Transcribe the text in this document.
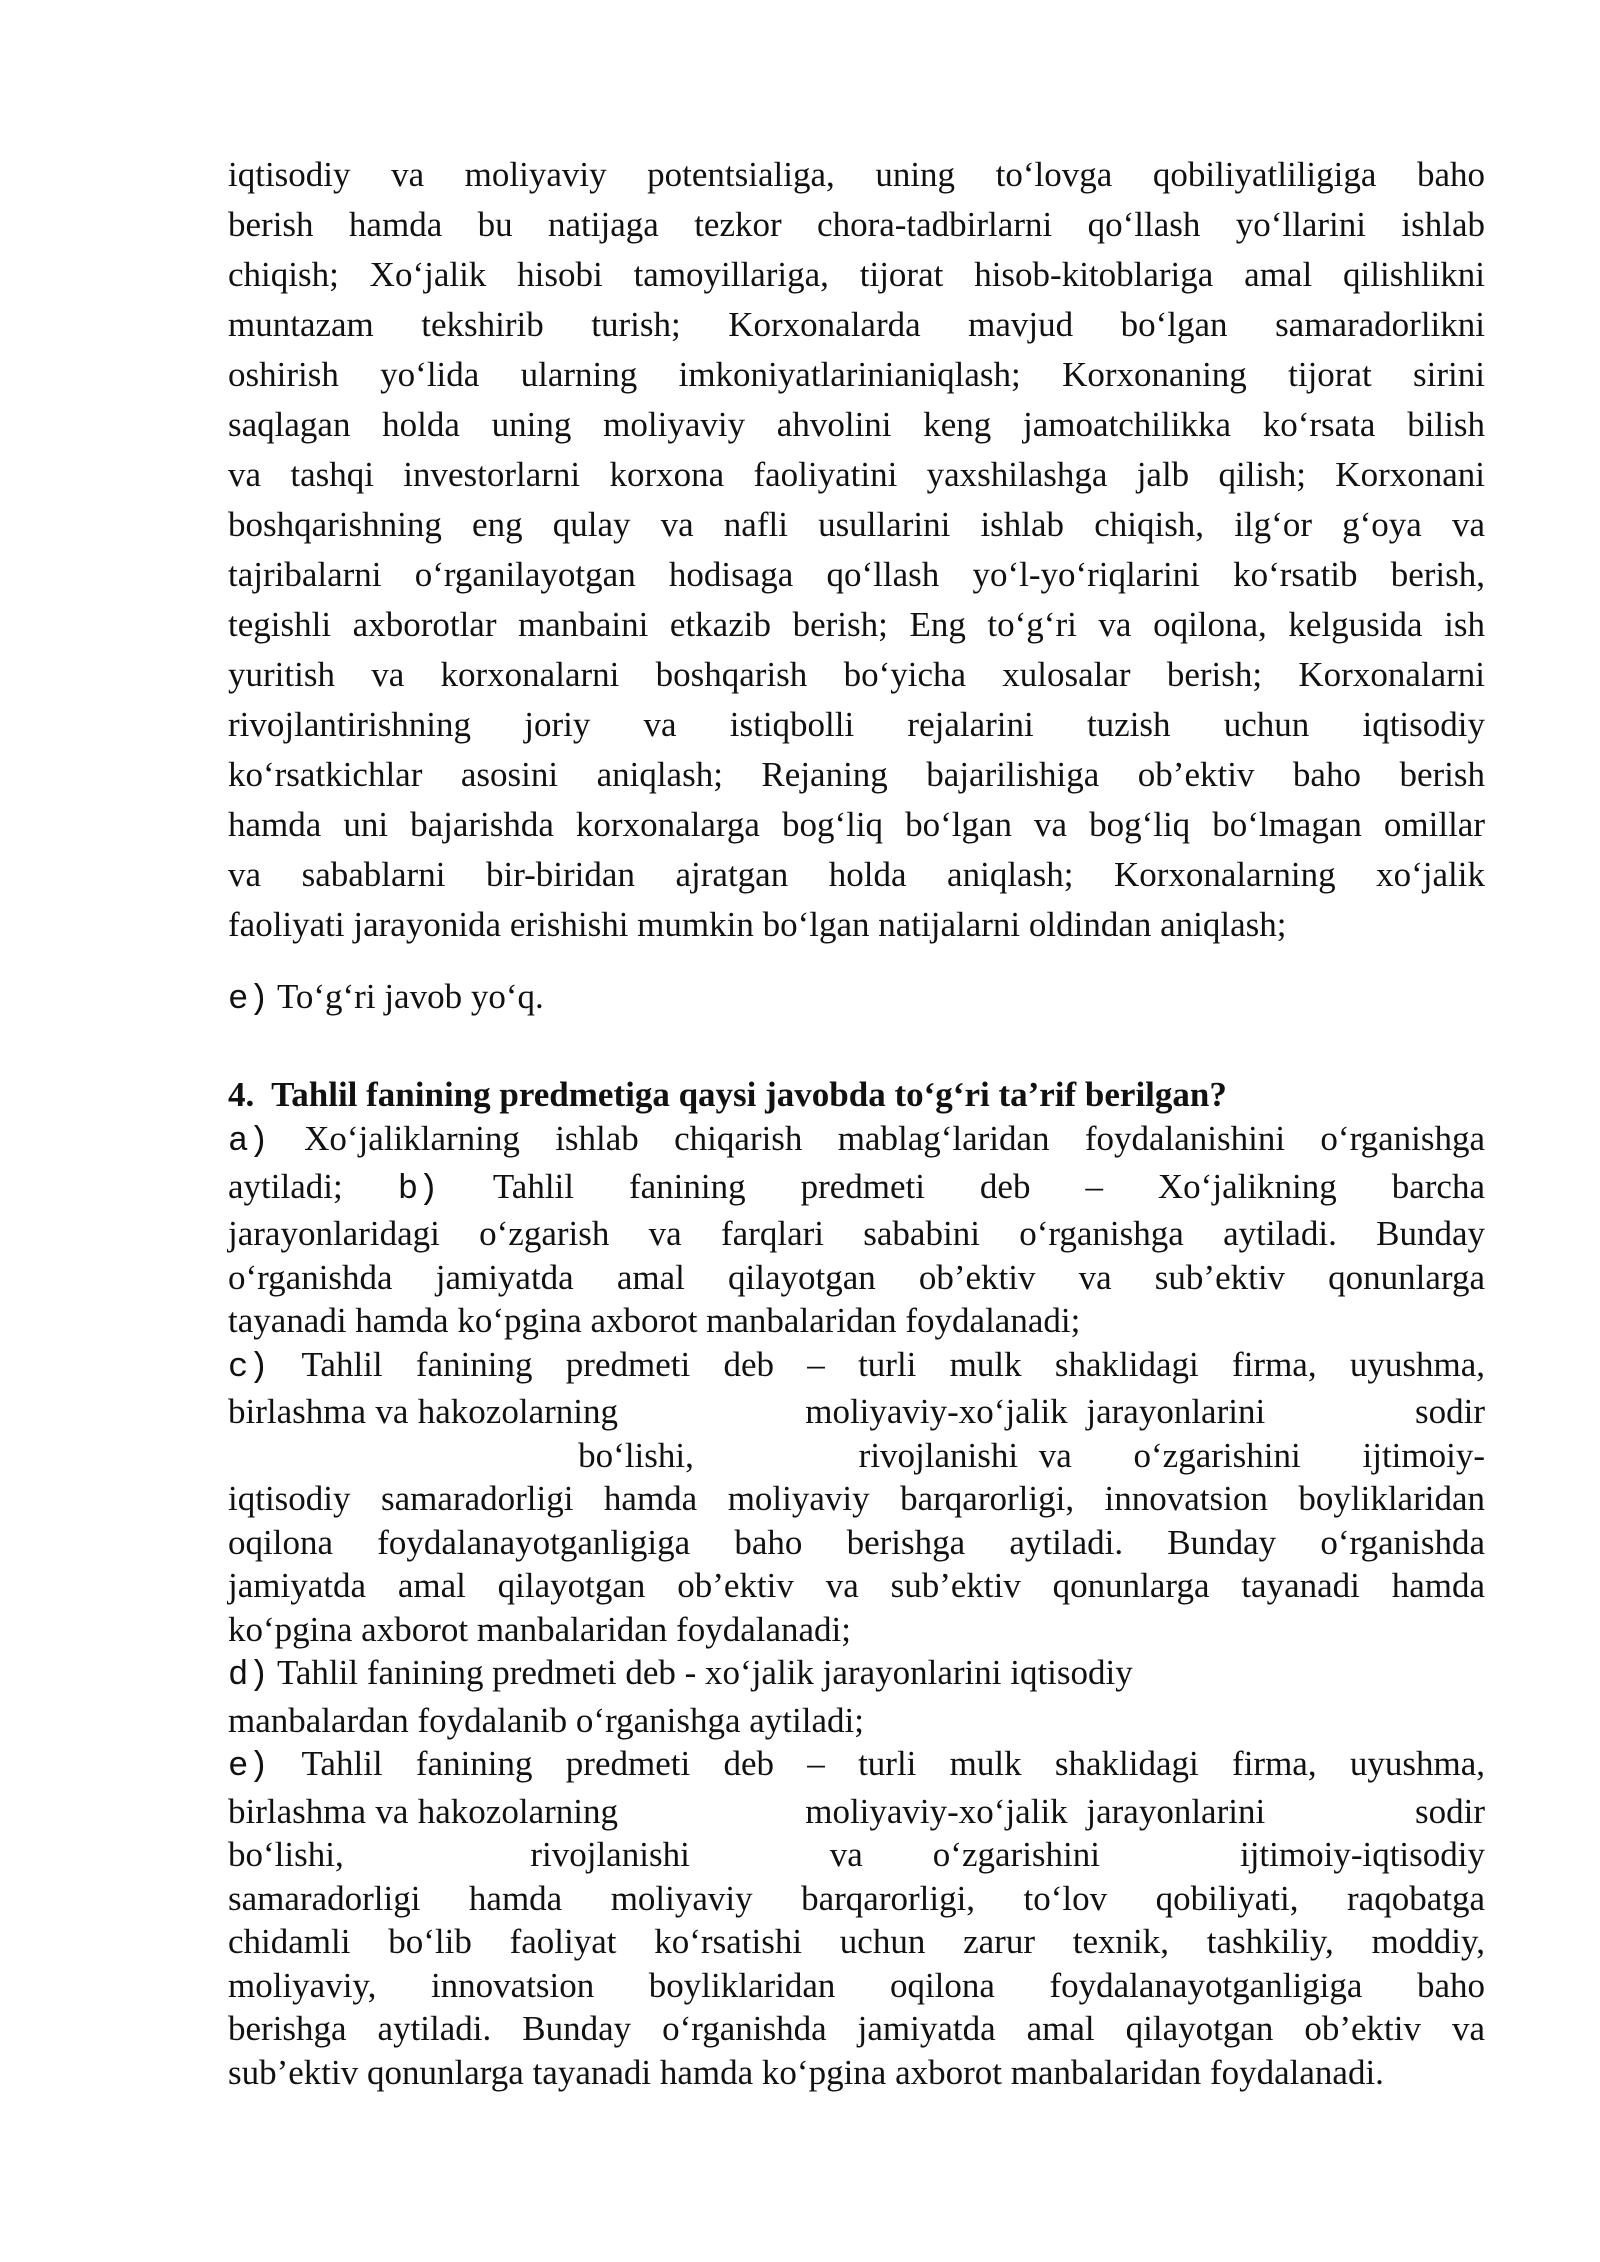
iqtisodiy va moliyaviy potentsialiga, uning to‘lovga qobiliyatliligiga baho
berish hamda bu natijaga tezkor chora-tadbirlarni qo‘llash yo‘llarini ishlab
chiqish; Xo‘jalik hisobi tamoyillariga, tijorat hisob-kitoblariga amal qilishlikni
muntazam tekshirib turish; Korxonalarda mavjud bo‘lgan samaradorlikni
oshirish yo‘lida ularning imkoniyatlarinianiqlash; Korxonaning tijorat sirini
saqlagan holda uning moliyaviy ahvolini keng jamoatchilikka ko‘rsata bilish
va tashqi investorlarni korxona faoliyatini yaxshilashga jalb qilish; Korxonani
boshqarishning eng qulay va nafli usullarini ishlab chiqish, ilg‘or g‘oya va
tajribalarni o‘rganilayotgan hodisaga qo‘llash yo‘l-yo‘riqlarini ko‘rsatib berish,
tegishli axborotlar manbaini etkazib berish; Eng to‘g‘ri va oqilona, kelgusida ish
yuritish va korxonalarni boshqarish bo‘yicha xulosalar berish; Korxonalarni
rivojlantirishning joriy va istiqbolli rejalarini tuzish uchun iqtisodiy
ko‘rsatkichlar asosini aniqlash; Rejaning bajarilishiga ob’ektiv baho berish
hamda uni bajarishda korxonalarga bog‘liq bo‘lgan va bog‘liq bo‘lmagan omillar
va sabablarni bir-biridan ajratgan holda aniqlash; Korxonalarning xo‘jalik
faoliyati jarayonida erishishi mumkin bo‘lgan natijalarni oldindan aniqlash;
e) To‘g‘ri javob yo‘q.
4. Tahlil fanining predmetiga qaysi javobda to‘g‘ri ta’rif berilgan?
a) Xo‘jaliklarning ishlab chiqarish mablag‘laridan foydalanishini o‘rganishga
aytiladi; b) Tahlil fanining predmeti deb – Xo‘jalikning barcha
jarayonlaridagi o‘zgarish va farqlari sababini o‘rganishga aytiladi. Bunday
o‘rganishda jamiyatda amal qilayotgan ob’ektiv va sub’ektiv qonunlarga
tayanadi hamda ko‘pgina axborot manbalaridan foydalanadi;
c) Tahlil fanining predmeti deb – turli mulk shaklidagi firma, uyushma,
birlashma va hakozolarning                    moliyaviy-xo‘jalik  jarayonlarini                sodir
bo‘lishi,                rivojlanishi  va      o‘zgarishini      ijtimoiy-
iqtisodiy samaradorligi hamda moliyaviy barqarorligi, innovatsion boyliklaridan
oqilona foydalanayotganligiga baho berishga aytiladi. Bunday o‘rganishda
jamiyatda amal qilayotgan ob’ektiv va sub’ektiv qonunlarga tayanadi hamda
ko‘pgina axborot manbalaridan foydalanadi;
d) Tahlil fanining predmeti deb - xo‘jalik jarayonlarini iqtisodiy
manbalardan foydalanib o‘rganishga aytiladi;
e) Tahlil fanining predmeti deb – turli mulk shaklidagi firma, uyushma,
birlashma va hakozolarning                    moliyaviy-xo‘jalik  jarayonlarini                sodir
bo‘lishi,                rivojlanishi            va      o‘zgarishini            ijtimoiy-iqtisodiy
samaradorligi hamda moliyaviy barqarorligi, to‘lov qobiliyati, raqobatga
chidamli bo‘lib faoliyat ko‘rsatishi uchun zarur texnik, tashkiliy, moddiy,
moliyaviy, innovatsion boyliklaridan oqilona foydalanayotganligiga baho
berishga aytiladi. Bunday o‘rganishda jamiyatda amal qilayotgan ob’ektiv va
sub’ektiv qonunlarga tayanadi hamda ko‘pgina axborot manbalaridan foydalanadi.
